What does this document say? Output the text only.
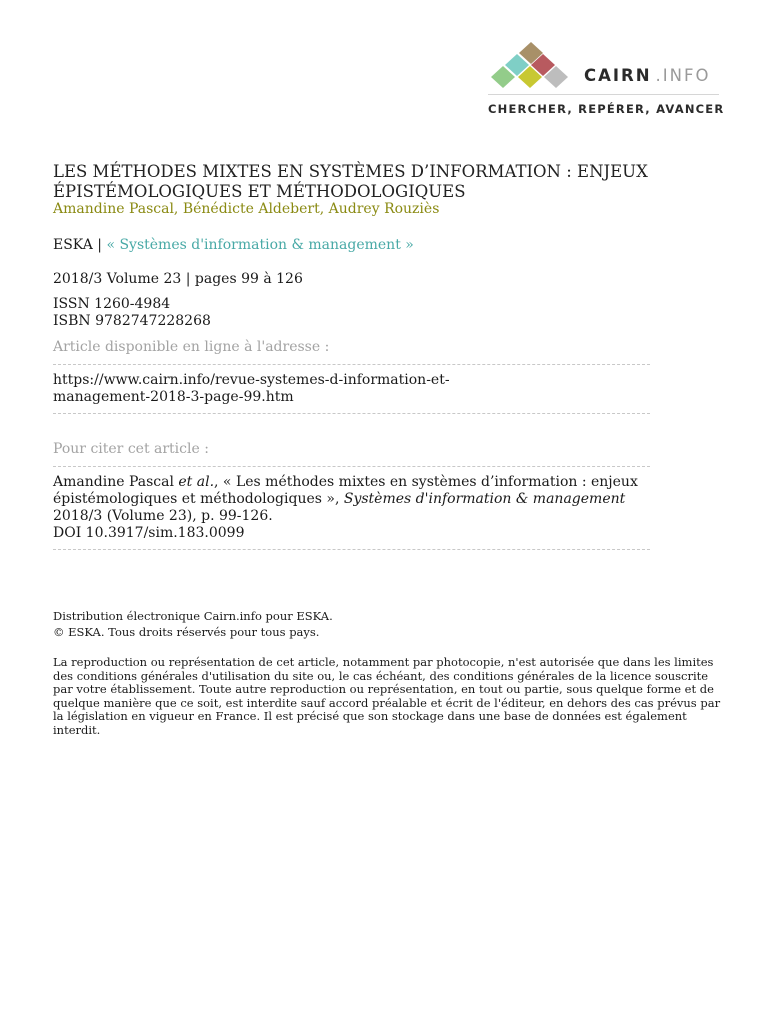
CAIRN .INFO
CHERCHER, REPÉRER, AVANCER
LES MÉTHODES MIXTES EN SYSTÈMES D’INFORMATION : ENJEUX ÉPISTÉMOLOGIQUES ET MÉTHODOLOGIQUES
Amandine Pascal, Bénédicte Aldebert, Audrey Rouziès
ESKA | « Systèmes d'information & management »
2018/3 Volume 23 | pages 99 à 126
ISSN 1260-4984
ISBN 9782747228268
Article disponible en ligne à l'adresse :
https://www.cairn.info/revue-systemes-d-information-et-
management-2018-3-page-99.htm
Pour citer cet article :
Amandine Pascal et al., « Les méthodes mixtes en systèmes d’information : enjeux épistémologiques et méthodologiques », Systèmes d'information & management
2018/3 (Volume 23), p. 99-126.
DOI 10.3917/sim.183.0099
Distribution électronique Cairn.info pour ESKA.
© ESKA. Tous droits réservés pour tous pays.
La reproduction ou représentation de cet article, notamment par photocopie, n'est autorisée que dans les limites des conditions générales d'utilisation du site ou, le cas échéant, des conditions générales de la licence souscrite par votre établissement. Toute autre reproduction ou représentation, en tout ou partie, sous quelque forme et de quelque manière que ce soit, est interdite sauf accord préalable et écrit de l'éditeur, en dehors des cas prévus par la législation en vigueur en France. Il est précisé que son stockage dans une base de données est également interdit.
